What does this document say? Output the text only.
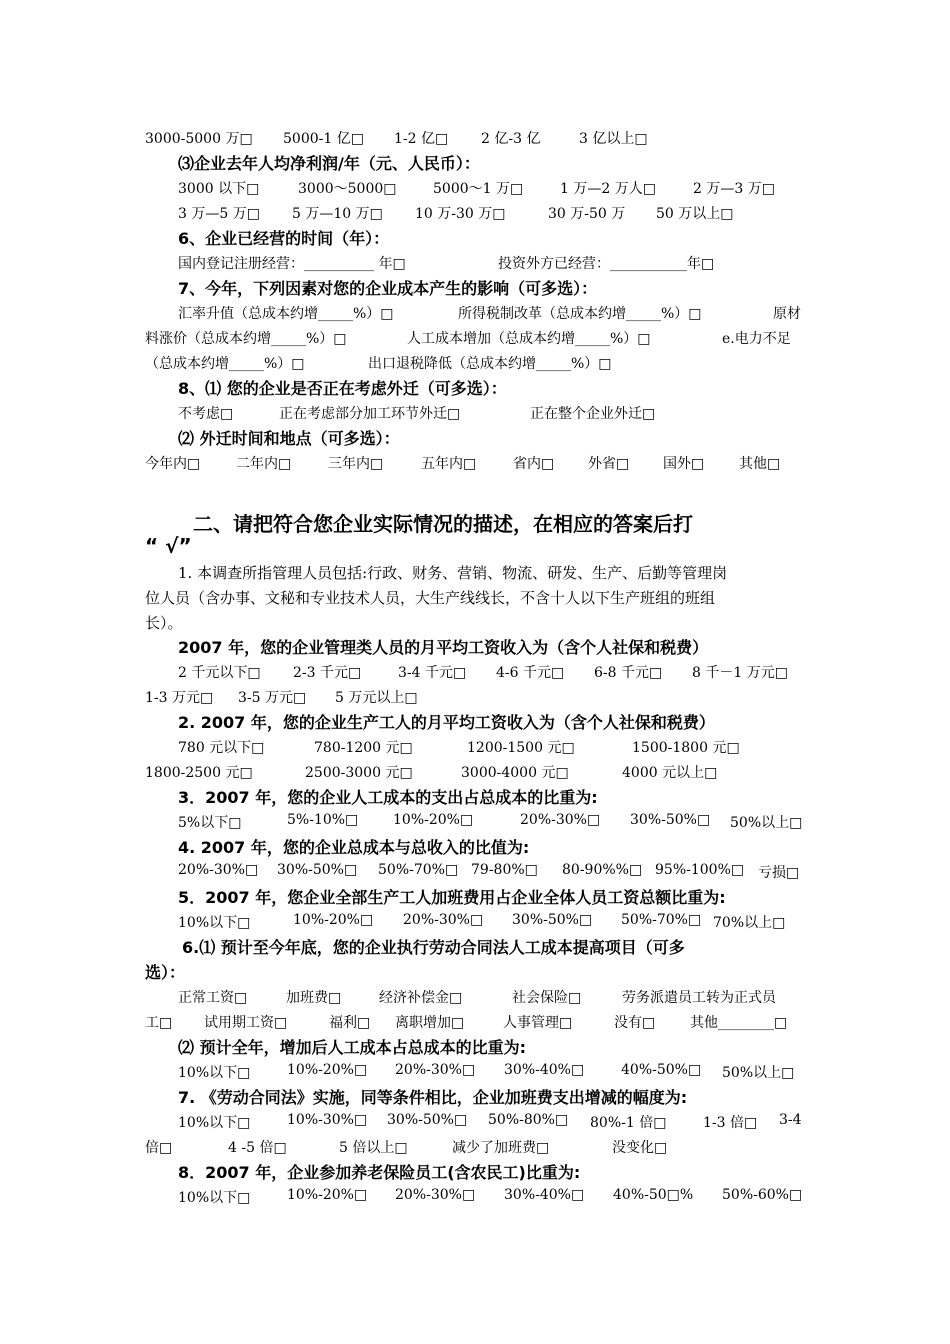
3000-5000 万□ 5000-1 亿□ 1-2 亿□ 2 亿-3 亿	3 亿以上□
⑶企业去年人均净利润/年（元、人民币）：
3000 以下□	3000～5000□	5000～1 万□	1 万—2 万人□	2 万—3 万□
3 万—5 万□ 5 万—10 万□ 10 万-30 万□	30 万-50 万 50 万以上□
6、企业已经营的时间（年）：
国内登记注册经营：__________ 年□	投资外方已经营：___________年□
7、今年，下列因素对您的企业成本产生的影响（可多选）：
汇率升值（总成本约增_____%）□	所得税制改革（总成本约增_____%）□	原材
料涨价（总成本约增_____%）□	人工成本增加（总成本约增_____%）□	e.电力不足
（总成本约增_____%）□	出口退税降低（总成本约增_____%）□
8、⑴ 您的企业是否正在考虑外迁（可多选）：
不考虑□	正在考虑部分加工环节外迁□	正在整个企业外迁□
⑵ 外迁时间和地点（可多选）：
今年内□	二年内□	三年内□	五年内□	省内□ 外省□ 国外□ 其他□
二、请把符合您企业实际情况的描述，在相应的答案后打
“ √”
1. 本调查所指管理人员包括:行政、财务、营销、物流、研发、生产、后勤等管理岗
位人员（含办事、文秘和专业技术人员，大生产线线长，不含十人以下生产班组的班组
长）。
2007 年，您的企业管理类人员的月平均工资收入为（含个人社保和税费）
2 千元以下□ 2-3 千元□	3-4 千元□ 4-6 千元□ 6-8 千元□ 8 千－1 万元□
1-3 万元□ 3-5 万元□ 5 万元以上□
2. 2007 年，您的企业生产工人的月平均工资收入为（含个人社保和税费）
780 元以下□	780-1200 元□	1200-1500 元□	1500-1800 元□
1800-2500 元□	2500-3000 元□	3000-4000 元□	4000 元以上□
3．2007 年，您的企业人工成本的支出占总成本的比重为:
5%以下□	5%-10%□ 10%-20%□	20%-30%□ 30%-50%□ 50%以上□
4. 2007 年，您的企业总成本与总收入的比值为:
20%-30%□ 30%-50%□ 50%-70%□ 79-80%□ 80-90%%□ 95%-100%□ 亏损□
5．2007 年，您企业全部生产工人加班费用占企业全体人员工资总额比重为:
10%以下□	10%-20%□ 20%-30%□ 30%-50%□ 50%-70%□ 70%以上□
6.⑴ 预计至今年底，您的企业执行劳动合同法人工成本提高项目（可多
选）：
正常工资□	加班费□	经济补偿金□	社会保险□	劳务派遣员工转为正式员
工□ 试用期工资□	福利□ 离职增加□	人事管理□	没有□ 其他________□
⑵ 预计全年，增加后人工成本占总成本的比重为:
10%以下□	10%-20%□ 20%-30%□ 30%-40%□	40%-50%□ 50%以上□
7. 《劳动合同法》实施，同等条件相比，企业加班费支出增减的幅度为:
10%以下□	10%-30%□ 30%-50%□ 50%-80%□ 80%-1 倍□	1-3 倍□ 3-4
倍□	4 -5 倍□	5 倍以上□	减少了加班费□	没变化□
8．2007 年，企业参加养老保险员工(含农民工)比重为:
10%以下□	10%-20%□ 20%-30%□ 30%-40%□ 40%-50□% 50%-60%□
